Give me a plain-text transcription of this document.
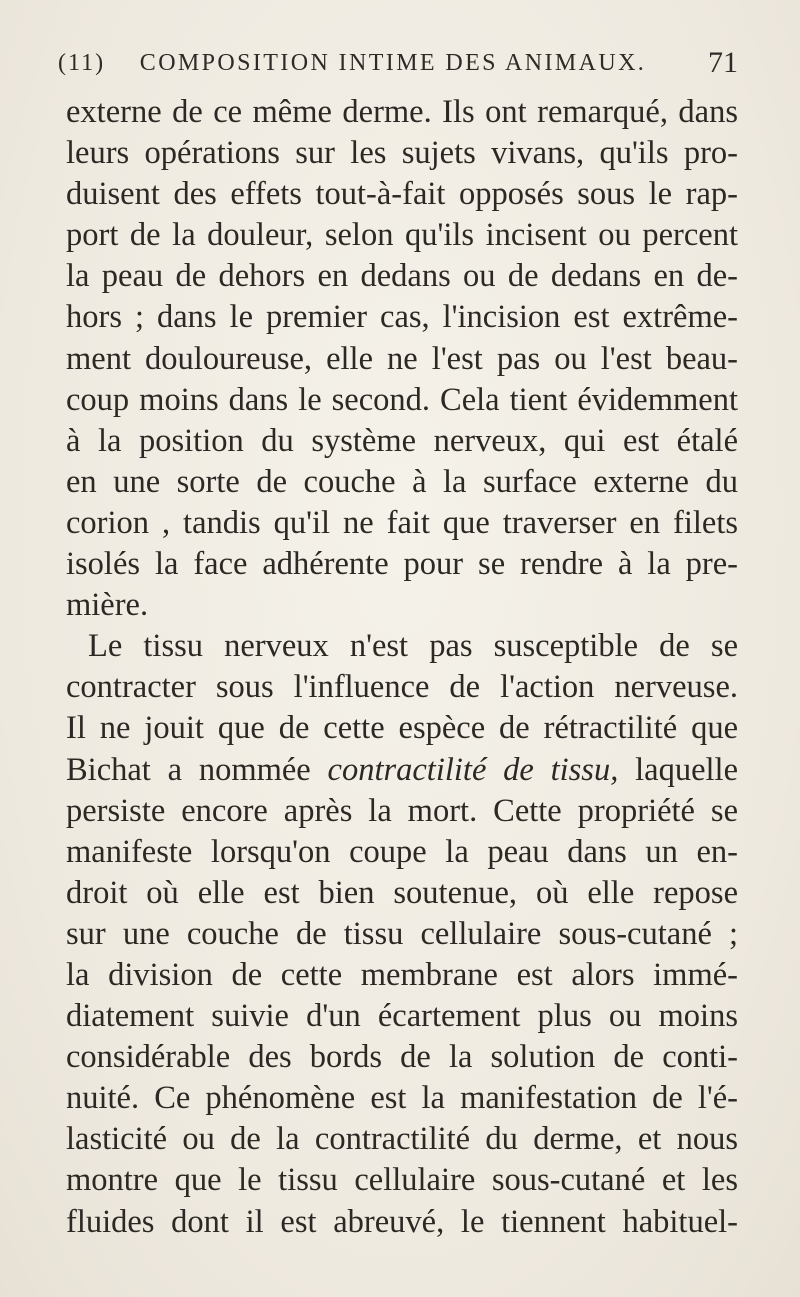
(11)	COMPOSITION INTIME DES ANIMAUX.	71
externe de ce même derme. Ils ont remarqué, dans
leurs opérations sur les sujets vivans, qu'ils pro-
duisent des effets tout-à-fait opposés sous le rap-
port de la douleur, selon qu'ils incisent ou percent
la peau de dehors en dedans ou de dedans en de-
hors ; dans le premier cas, l'incision est extrême-
ment douloureuse, elle ne l'est pas ou l'est beau-
coup moins dans le second. Cela tient évidemment
à la position du système nerveux, qui est étalé
en une sorte de couche à la surface externe du
corion , tandis qu'il ne fait que traverser en filets
isolés la face adhérente pour se rendre à la pre-
mière.
Le tissu nerveux n'est pas susceptible de se
contracter sous l'influence de l'action nerveuse.
Il ne jouit que de cette espèce de rétractilité que
Bichat a nommée contractilité de tissu, laquelle
persiste encore après la mort. Cette propriété se
manifeste lorsqu'on coupe la peau dans un en-
droit où elle est bien soutenue, où elle repose
sur une couche de tissu cellulaire sous-cutané ;
la division de cette membrane est alors immé-
diatement suivie d'un écartement plus ou moins
considérable des bords de la solution de conti-
nuité. Ce phénomène est la manifestation de l'é-
lasticité ou de la contractilité du derme, et nous
montre que le tissu cellulaire sous-cutané et les
fluides dont il est abreuvé, le tiennent habituel-
